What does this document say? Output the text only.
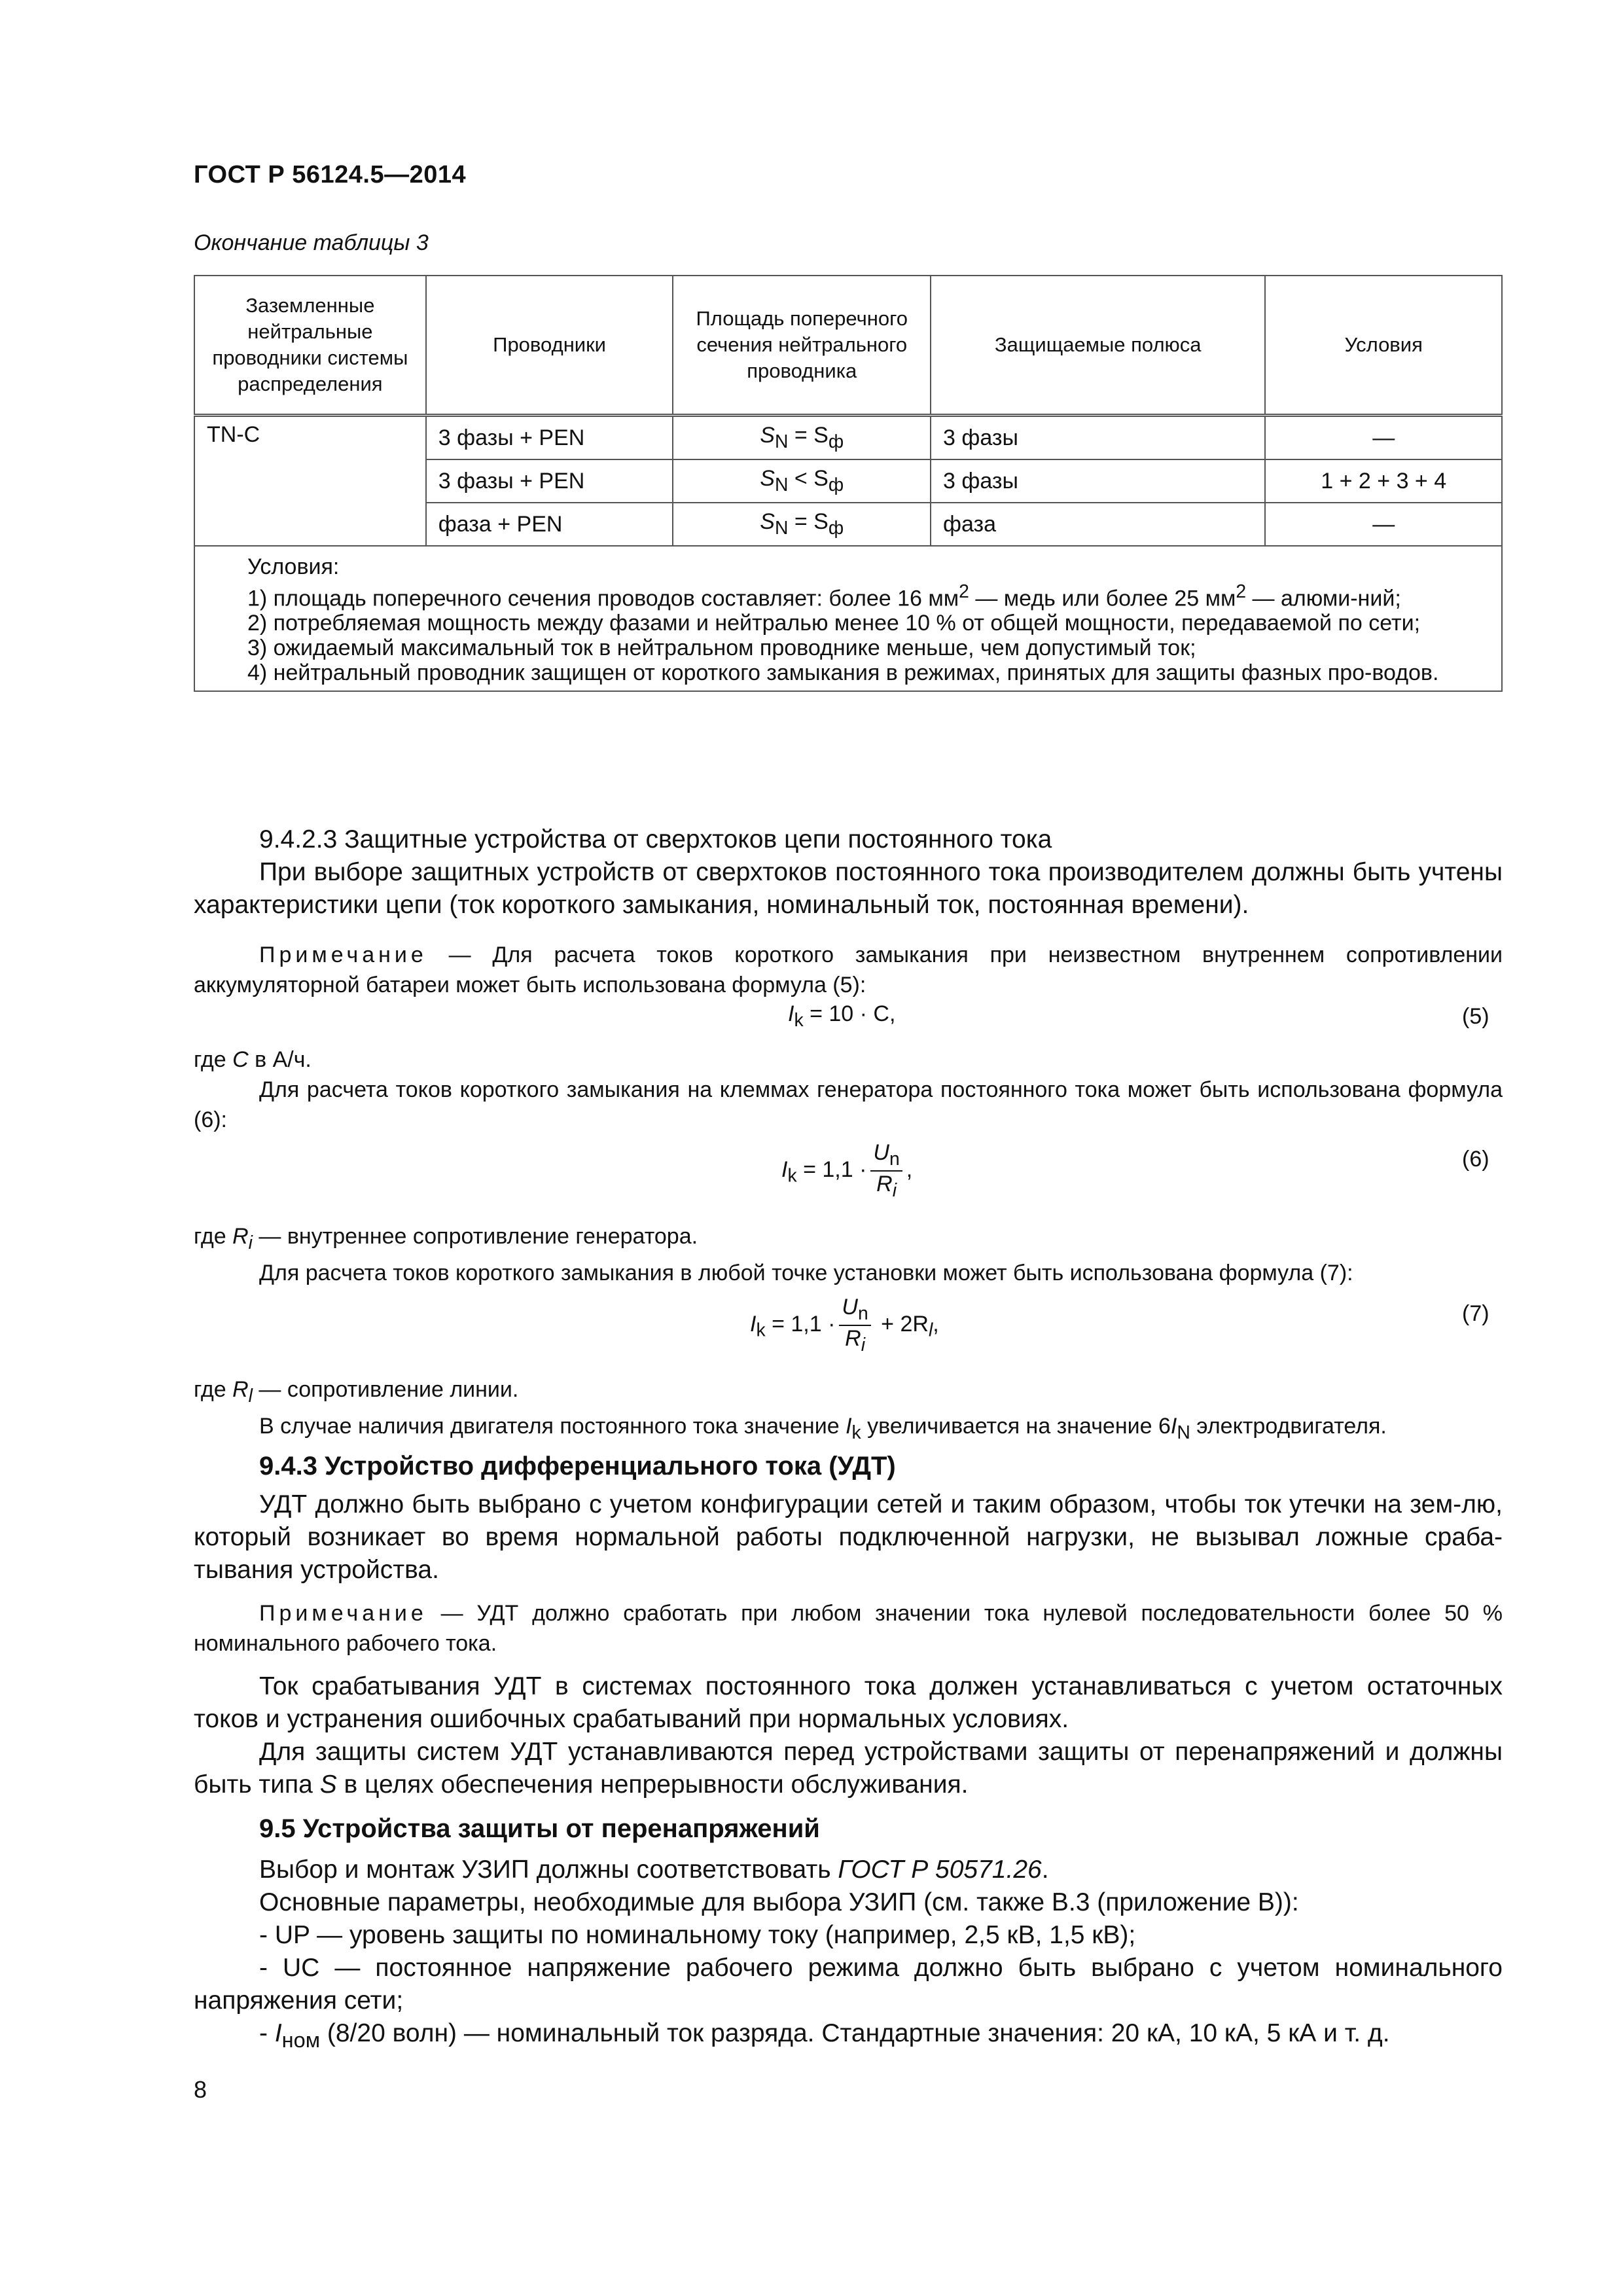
ГОСТ Р 56124.5—2014
Окончание таблицы 3
Заземленные нейтральные проводники системы распределения	Проводники	Площадь поперечного сечения нейтрального проводника	Защищаемые полюса	Условия
TN-C	3 фазы + PEN	$S_N = S_ф$	3 фазы	—
	3 фазы + PEN	$S_N < S_ф$	3 фазы	1 + 2 + 3 + 4
	фаза + PEN	$S_N = S_ф$	фаза	—

Условия:

1) площадь поперечного сечения проводов составляет: более 16 $мм^2$ — медь или более 25 $мм^2$ — алюми-ний;

2) потребляемая мощность между фазами и нейтралью менее 10 % от общей мощности, передаваемой по сети;

3) ожидаемый максимальный ток в нейтральном проводнике меньше, чем допустимый ток;

4) нейтральный проводник защищен от короткого замыкания в режимах, принятых для защиты фазных про-водов.				

9.4.2.3 Защитные устройства от сверхтоков цепи постоянного тока

При выборе защитных устройств от сверхтоков постоянного тока производителем должны быть учтены характеристики цепи (ток короткого замыкания, номинальный ток, постоянная времени).

Примечание — Для расчета токов короткого замыкания при неизвестном внутреннем сопротивлении аккумуляторной батареи может быть использована формула (5):

$I_k = 10 \cdot C$,	(5)

где C в А/ч.

Для расчета токов короткого замыкания на клеммах генератора постоянного тока может быть использована формула (6):

$I_k = 1,1 \cdot \frac{U_n}{R_i}$ ,	(6)

где $R_i$ — внутреннее сопротивление генератора.

Для расчета токов короткого замыкания в любой точке установки может быть использована формула (7):

$I_k = 1,1 \cdot \frac{U_n}{R_i} + 2R_l$,	(7)

где $R_l$ — сопротивление линии.

В случае наличия двигателя постоянного тока значение $I_k$ увеличивается на значение $6I_N$ электродвигателя.

9.4.3 Устройство дифференциального тока (УДТ)

УДТ должно быть выбрано с учетом конфигурации сетей и таким образом, чтобы ток утечки на зем-лю, который возникает во время нормальной работы подключенной нагрузки, не вызывал ложные сраба-тывания устройства.

Примечание — УДТ должно сработать при любом значении тока нулевой последовательности более 50 % номинального рабочего тока.

Ток срабатывания УДТ в системах постоянного тока должен устанавливаться с учетом остаточных токов и устранения ошибочных срабатываний при нормальных условиях.

Для защиты систем УДТ устанавливаются перед устройствами защиты от перенапряжений и должны быть типа S в целях обеспечения непрерывности обслуживания.

9.5 Устройства защиты от перенапряжений

Выбор и монтаж УЗИП должны соответствовать ГОСТ Р 50571.26.

Основные параметры, необходимые для выбора УЗИП (см. также В.3 (приложение В)):

- UP — уровень защиты по номинальному току (например, 2,5 кВ, 1,5 кВ);

- UC — постоянное напряжение рабочего режима должно быть выбрано с учетом номинального напряжения сети;

- $I_{ном}$ (8/20 волн) — номинальный ток разряда. Стандартные значения: 20 кА, 10 кА, 5 кА и т. д.

8
